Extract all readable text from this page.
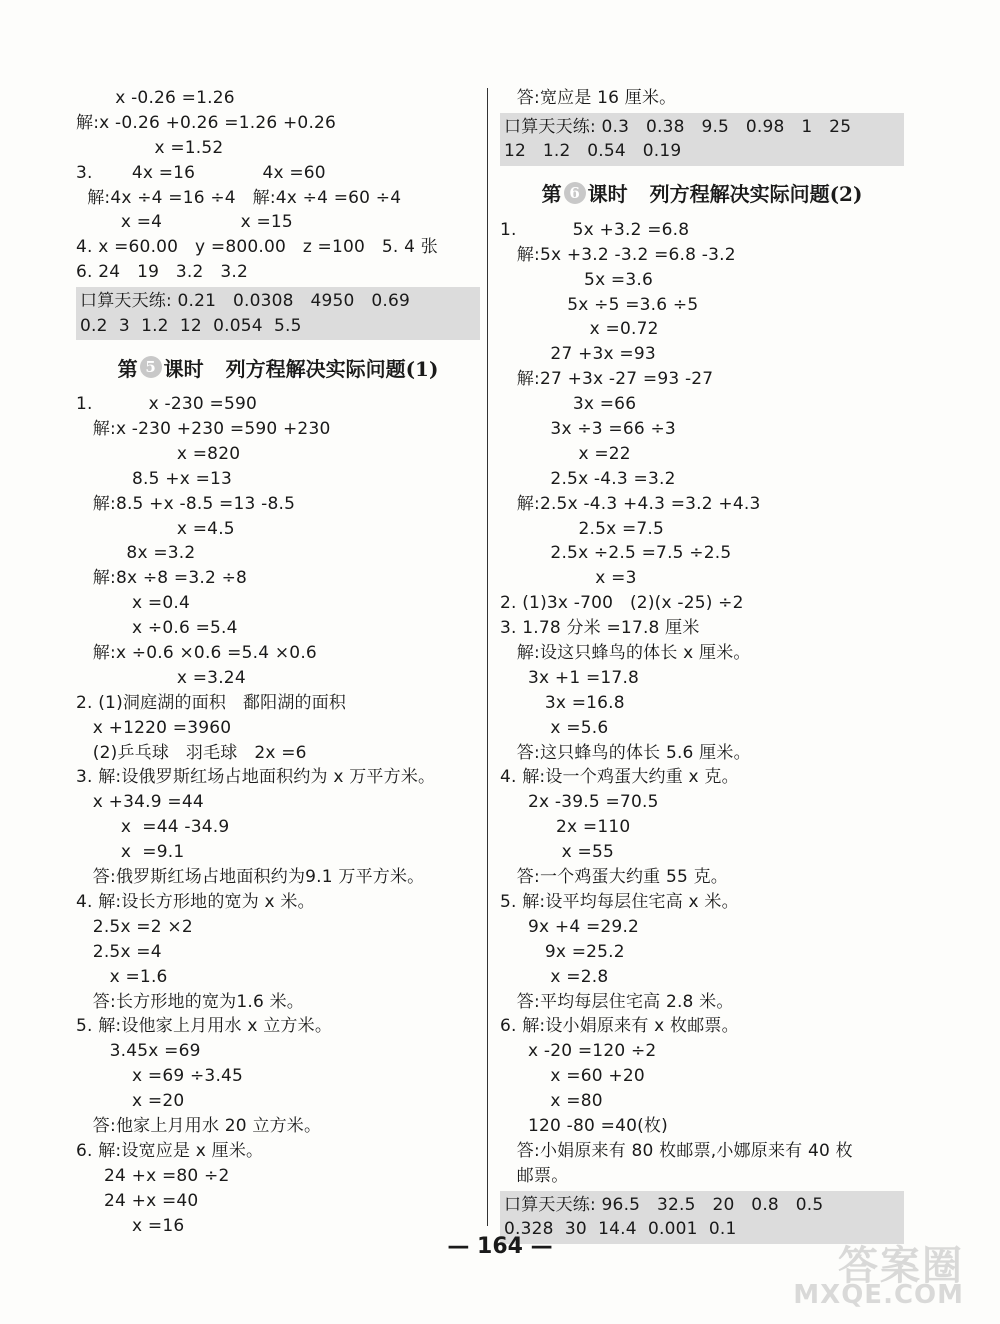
x -0.26 =1.26
解:x -0.26 +0.26 =1.26 +0.26
x =1.52
3.       4x =16            4x =60
解:4x ÷4 =16 ÷4   解:4x ÷4 =60 ÷4
x =4              x =15
4. x =60.00   y =800.00   z =100   5. 4 张
6. 24   19   3.2   3.2
口算天天练: 0.21   0.0308   4950   0.69
0.2  3  1.2  12  0.054  5.5
第 5 课时 列方程解决实际问题(1)
1.          x -230 =590
解:x -230 +230 =590 +230
x =820
8.5 +x =13
解:8.5 +x -8.5 =13 -8.5
x =4.5
8x =3.2
解:8x ÷8 =3.2 ÷8
x =0.4
x ÷0.6 =5.4
解:x ÷0.6 ×0.6 =5.4 ×0.6
x =3.24
2. (1)洞庭湖的面积   鄱阳湖的面积
x +1220 =3960
(2)乒乓球   羽毛球   2x =6
3. 解:设俄罗斯红场占地面积约为 x 万平方米。
x +34.9 =44
x  =44 -34.9
x  =9.1
答:俄罗斯红场占地面积约为9.1 万平方米。
4. 解:设长方形地的宽为 x 米。
2.5x =2 ×2
2.5x =4
x =1.6
答:长方形地的宽为1.6 米。
5. 解:设他家上月用水 x 立方米。
3.45x =69
x =69 ÷3.45
x =20
答:他家上月用水 20 立方米。
6. 解:设宽应是 x 厘米。
24 +x =80 ÷2
24 +x =40
x =16
答:宽应是 16 厘米。
口算天天练: 0.3   0.38   9.5   0.98   1   25
12   1.2   0.54   0.19
第 6 课时 列方程解决实际问题(2)
1.          5x +3.2 =6.8
解:5x +3.2 -3.2 =6.8 -3.2
5x =3.6
5x ÷5 =3.6 ÷5
x =0.72
27 +3x =93
解:27 +3x -27 =93 -27
3x =66
3x ÷3 =66 ÷3
x =22
2.5x -4.3 =3.2
解:2.5x -4.3 +4.3 =3.2 +4.3
2.5x =7.5
2.5x ÷2.5 =7.5 ÷2.5
x =3
2. (1)3x -700   (2)(x -25) ÷2
3. 1.78 分米 =17.8 厘米
解:设这只蜂鸟的体长 x 厘米。
3x +1 =17.8
3x =16.8
x =5.6
答:这只蜂鸟的体长 5.6 厘米。
4. 解:设一个鸡蛋大约重 x 克。
2x -39.5 =70.5
2x =110
x =55
答:一个鸡蛋大约重 55 克。
5. 解:设平均每层住宅高 x 米。
9x +4 =29.2
9x =25.2
x =2.8
答:平均每层住宅高 2.8 米。
6. 解:设小娟原来有 x 枚邮票。
x -20 =120 ÷2
x =60 +20
x =80
120 -80 =40(枚)
答:小娟原来有 80 枚邮票,小娜原来有 40 枚
邮票。
口算天天练: 96.5   32.5   20   0.8   0.5
0.328  30  14.4  0.001  0.1
— 164 —	答案圈
MXQE.COM
